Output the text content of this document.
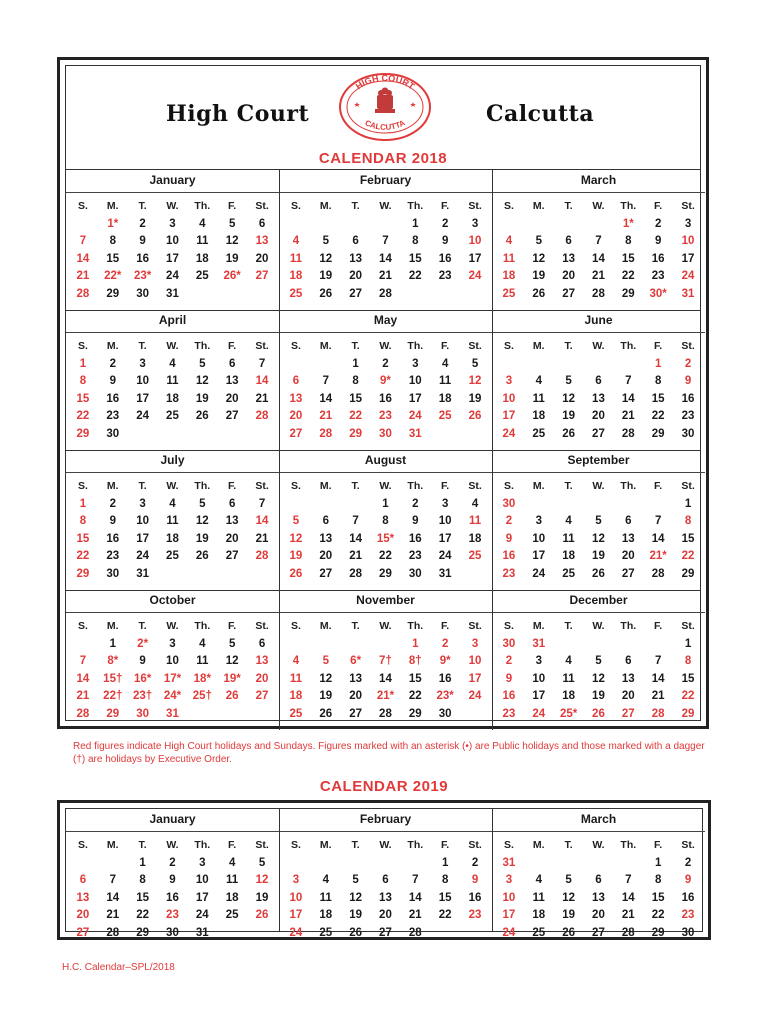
High Court
HIGH COURT
CALCUTTA	Calcutta
CALENDAR 2018
January
S.	M.	T.	W.	Th.	F.	St.
	1*	2	3	4	5	6
7	8	9	10	11	12	13
14	15	16	17	18	19	20
21	22*	23*	24	25	26*	27
28	29	30	31			
February
S.	M.	T.	W.	Th.	F.	St.
				1	2	3
4	5	6	7	8	9	10
11	12	13	14	15	16	17
18	19	20	21	22	23	24
25	26	27	28			
March
S.	M.	T.	W.	Th.	F.	St.
				1*	2	3
4	5	6	7	8	9	10
11	12	13	14	15	16	17
18	19	20	21	22	23	24
25	26	27	28	29	30*	31
April
S.	M.	T.	W.	Th.	F.	St.
1	2	3	4	5	6	7
8	9	10	11	12	13	14
15	16	17	18	19	20	21
22	23	24	25	26	27	28
29	30					
May
S.	M.	T.	W.	Th.	F.	St.
		1	2	3	4	5
6	7	8	9*	10	11	12
13	14	15	16	17	18	19
20	21	22	23	24	25	26
27	28	29	30	31		
June
S.	M.	T.	W.	Th.	F.	St.
					1	2
3	4	5	6	7	8	9
10	11	12	13	14	15	16
17	18	19	20	21	22	23
24	25	26	27	28	29	30
July
S.	M.	T.	W.	Th.	F.	St.
1	2	3	4	5	6	7
8	9	10	11	12	13	14
15	16	17	18	19	20	21
22	23	24	25	26	27	28
29	30	31				
August
S.	M.	T.	W.	Th.	F.	St.
			1	2	3	4
5	6	7	8	9	10	11
12	13	14	15*	16	17	18
19	20	21	22	23	24	25
26	27	28	29	30	31	
September
S.	M.	T.	W.	Th.	F.	St.
30						1
2	3	4	5	6	7	8
9	10	11	12	13	14	15
16	17	18	19	20	21*	22
23	24	25	26	27	28	29
October
S.	M.	T.	W.	Th.	F.	St.
	1	2*	3	4	5	6
7	8*	9	10	11	12	13
14	15†	16*	17*	18*	19*	20
21	22†	23†	24*	25†	26	27
28	29	30	31			
November
S.	M.	T.	W.	Th.	F.	St.
				1	2	3
4	5	6*	7†	8†	9*	10
11	12	13	14	15	16	17
18	19	20	21*	22	23*	24
25	26	27	28	29	30	
December
S.	M.	T.	W.	Th.	F.	St.
30	31					1
2	3	4	5	6	7	8
9	10	11	12	13	14	15
16	17	18	19	20	21	22
23	24	25*	26	27	28	29
Red figures indicate High Court holidays and Sundays. Figures marked with an asterisk (•) are Public holidays and those marked with a dagger (†) are holidays by Executive Order.
CALENDAR 2019
January
S.	M.	T.	W.	Th.	F.	St.
		1	2	3	4	5
6	7	8	9	10	11	12
13	14	15	16	17	18	19
20	21	22	23	24	25	26
27	28	29	30	31		
February
S.	M.	T.	W.	Th.	F.	St.
					1	2
3	4	5	6	7	8	9
10	11	12	13	14	15	16
17	18	19	20	21	22	23
24	25	26	27	28		
March
S.	M.	T.	W.	Th.	F.	St.
31					1	2
3	4	5	6	7	8	9
10	11	12	13	14	15	16
17	18	19	20	21	22	23
24	25	26	27	28	29	30
H.C. Calendar–SPL/2018
